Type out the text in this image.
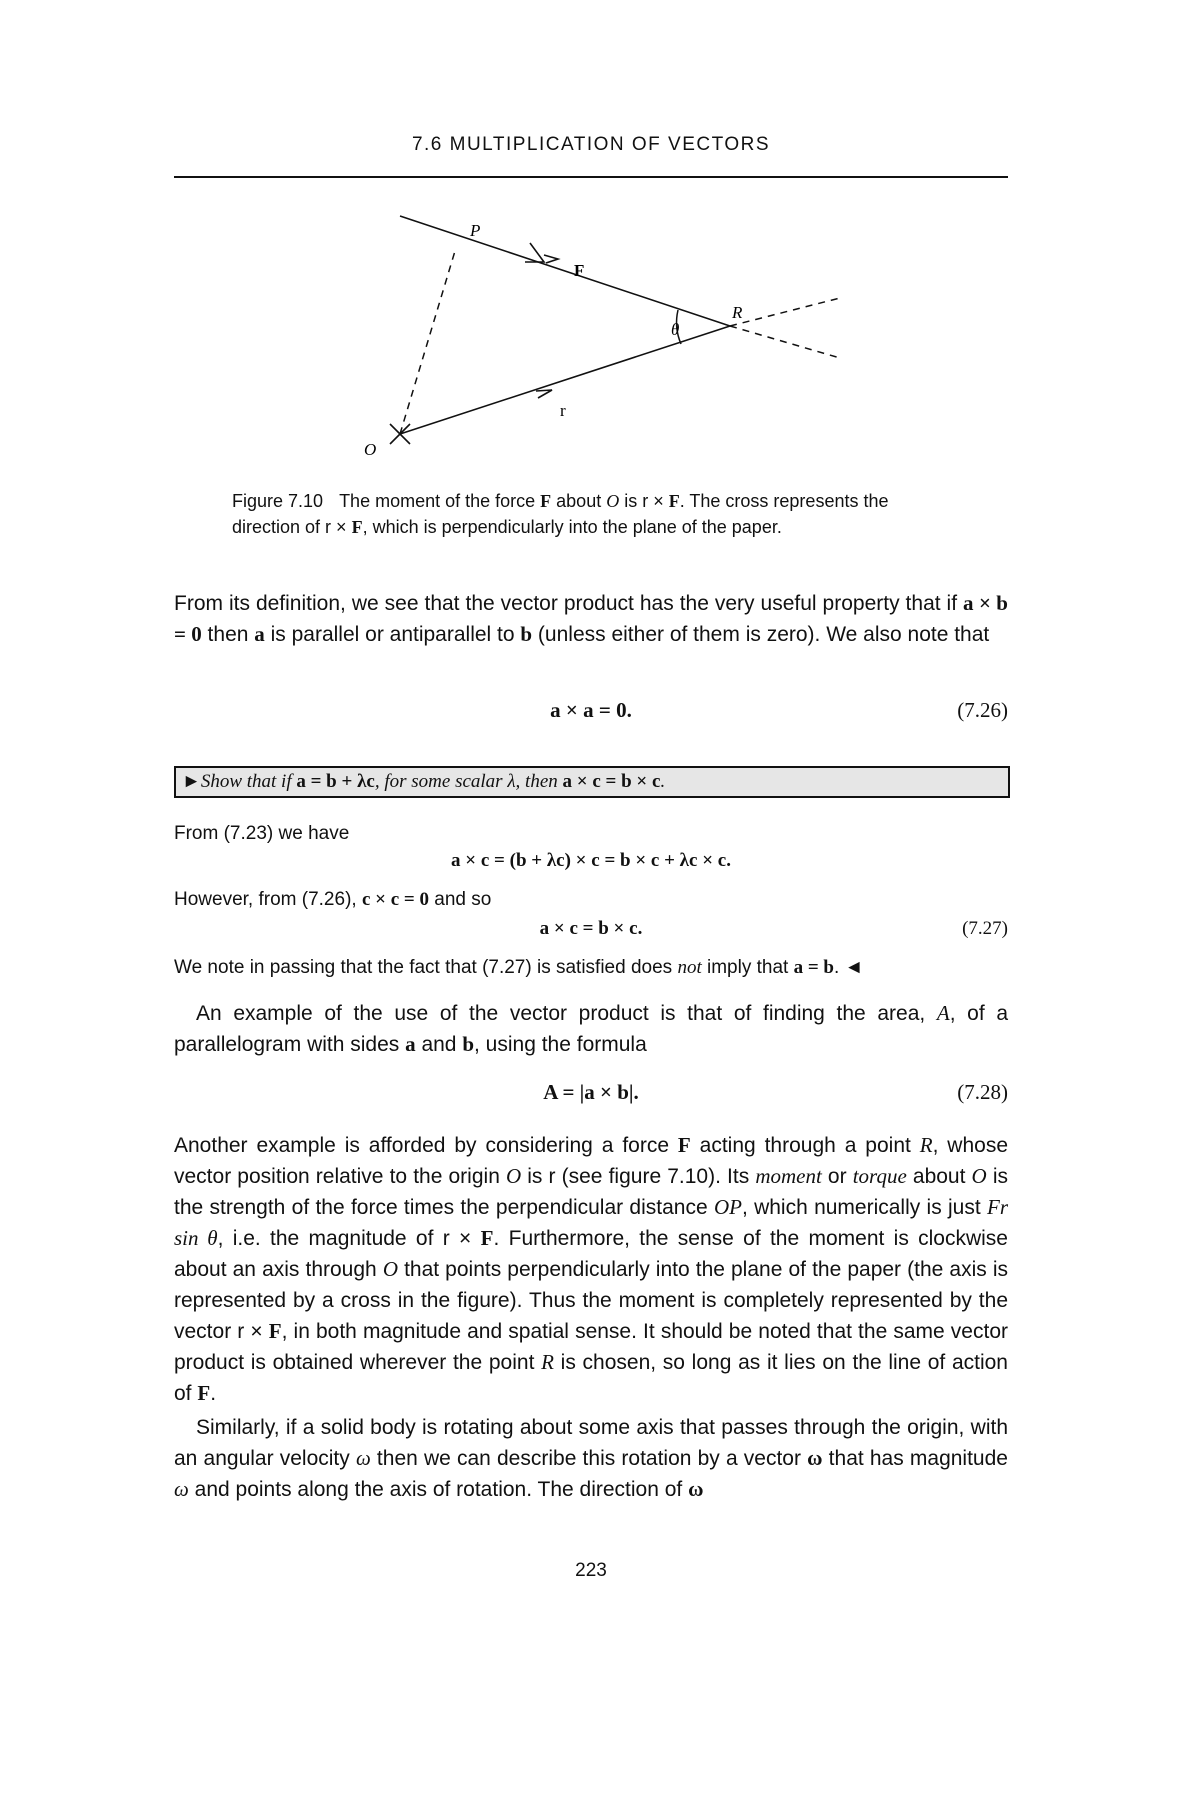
7.6 MULTIPLICATION OF VECTORS
P
F
R
θ
r
O
Figure 7.10 The moment of the force F about O is r × F. The cross represents the direction of r × F, which is perpendicularly into the plane of the paper.

From its definition, we see that the vector product has the very useful property that if a × b = 0 then a is parallel or antiparallel to b (unless either of them is zero). We also note that

a × a = 0.	(7.26)
►Show that if a = b + λc, for some scalar λ, then a × c = b × c.
From (7.23) we have
a × c = (b + λc) × c = b × c + λc × c.
However, from (7.26), c × c = 0 and so
a × c = b × c.	(7.27)
We note in passing that the fact that (7.27) is satisfied does not imply that a = b. ◄

An example of the use of the vector product is that of finding the area, A, of a parallelogram with sides a and b, using the formula

A = |a × b|.	(7.28)

Another example is afforded by considering a force F acting through a point R, whose vector position relative to the origin O is r (see figure 7.10). Its moment or torque about O is the strength of the force times the perpendicular distance OP, which numerically is just Fr sin θ, i.e. the magnitude of r × F. Furthermore, the sense of the moment is clockwise about an axis through O that points perpendicularly into the plane of the paper (the axis is represented by a cross in the figure). Thus the moment is completely represented by the vector r × F, in both magnitude and spatial sense. It should be noted that the same vector product is obtained wherever the point R is chosen, so long as it lies on the line of action of F.

Similarly, if a solid body is rotating about some axis that passes through the origin, with an angular velocity ω then we can describe this rotation by a vector ω that has magnitude ω and points along the axis of rotation. The direction of ω

223
